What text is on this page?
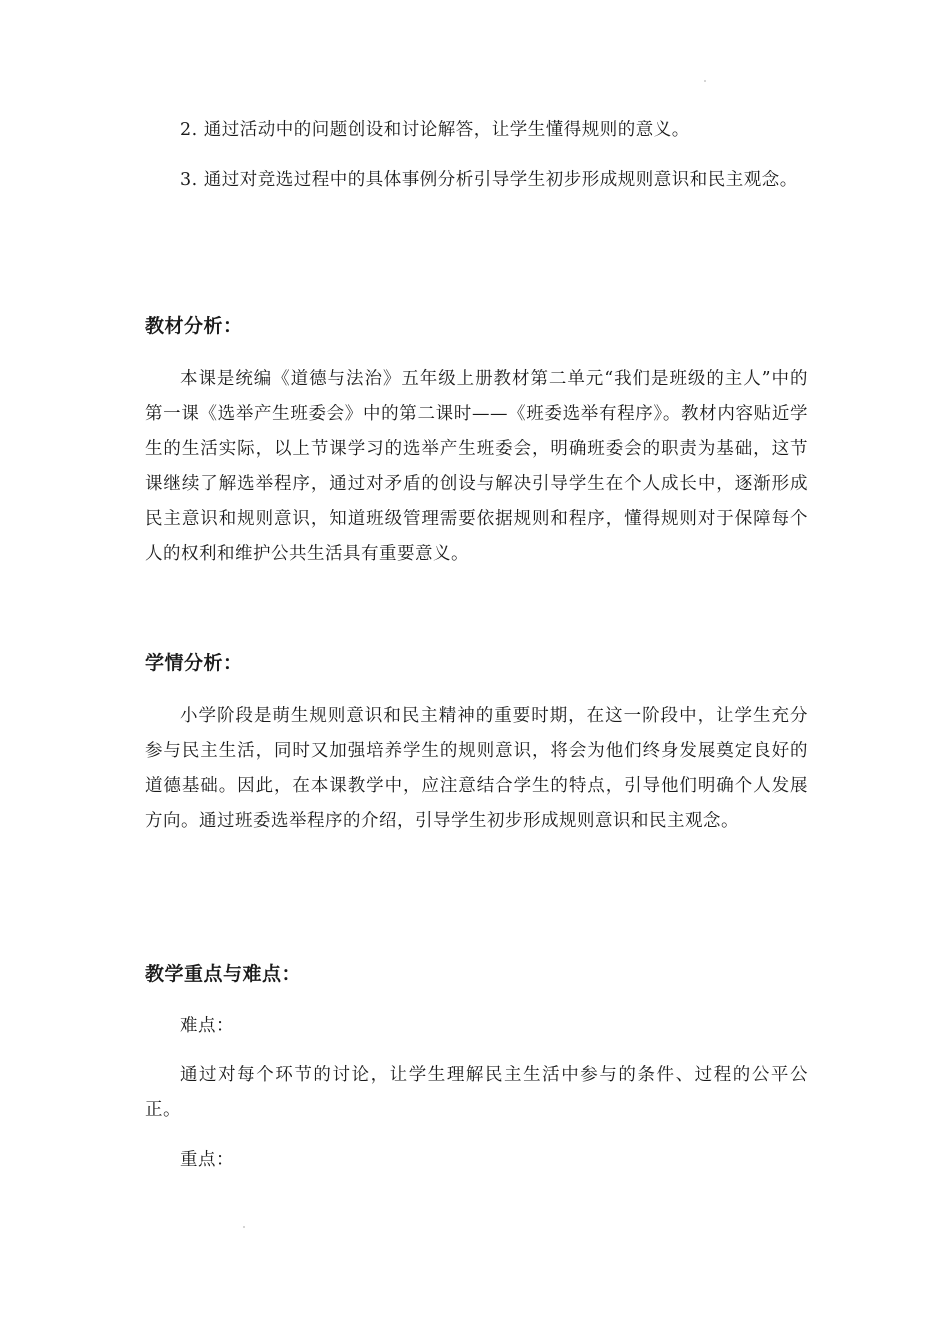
2. 通过活动中的问题创设和讨论解答，让学生懂得规则的意义。

3. 通过对竞选过程中的具体事例分析引导学生初步形成规则意识和民主观念。

教材分析：

本课是统编《道德与法治》五年级上册教材第二单元“我们是班级的主人”中的第一课《选举产生班委会》中的第二课时——《班委选举有程序》。教材内容贴近学生的生活实际，以上节课学习的选举产生班委会，明确班委会的职责为基础，这节课继续了解选举程序，通过对矛盾的创设与解决引导学生在个人成长中，逐渐形成民主意识和规则意识，知道班级管理需要依据规则和程序，懂得规则对于保障每个人的权利和维护公共生活具有重要意义。

学情分析：

小学阶段是萌生规则意识和民主精神的重要时期，在这一阶段中，让学生充分参与民主生活，同时又加强培养学生的规则意识，将会为他们终身发展奠定良好的道德基础。因此，在本课教学中，应注意结合学生的特点，引导他们明确个人发展方向。通过班委选举程序的介绍，引导学生初步形成规则意识和民主观念。

教学重点与难点：

难点：

通过对每个环节的讨论，让学生理解民主生活中参与的条件、过程的公平公正。

重点：
